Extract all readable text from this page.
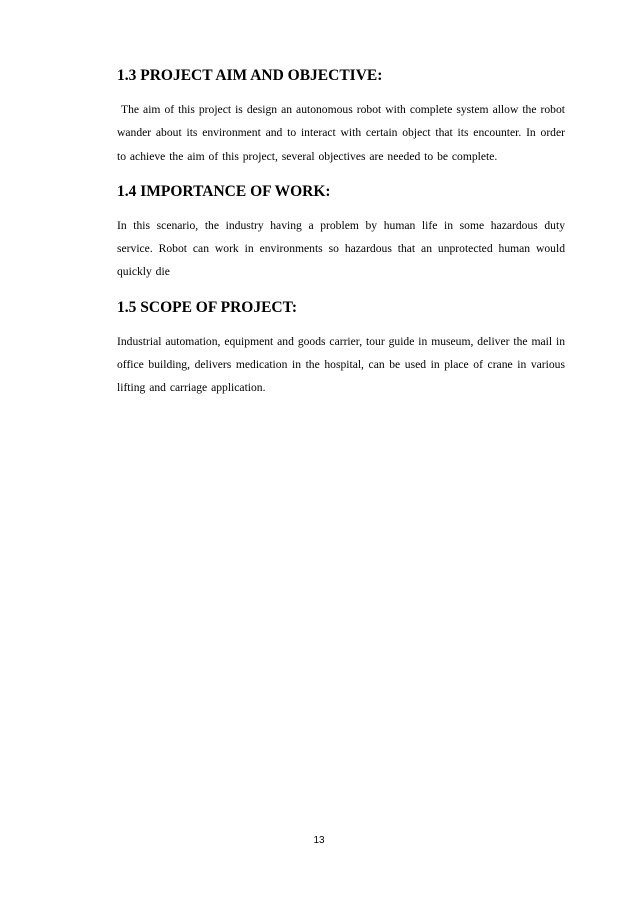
1.3 PROJECT AIM AND OBJECTIVE:

The aim of this project is design an autonomous robot with complete system allow the robot wander about its environment and to interact with certain object that its encounter. In order to achieve the aim of this project, several objectives are needed to be complete.

1.4 IMPORTANCE OF WORK:

In this scenario, the industry having a problem by human life in some hazardous duty service. Robot can work in environments so hazardous that an unprotected human would quickly die

1.5 SCOPE OF PROJECT:

Industrial automation, equipment and goods carrier, tour guide in museum, deliver the mail in office building, delivers medication in the hospital, can be used in place of crane in various lifting and carriage application.

13
